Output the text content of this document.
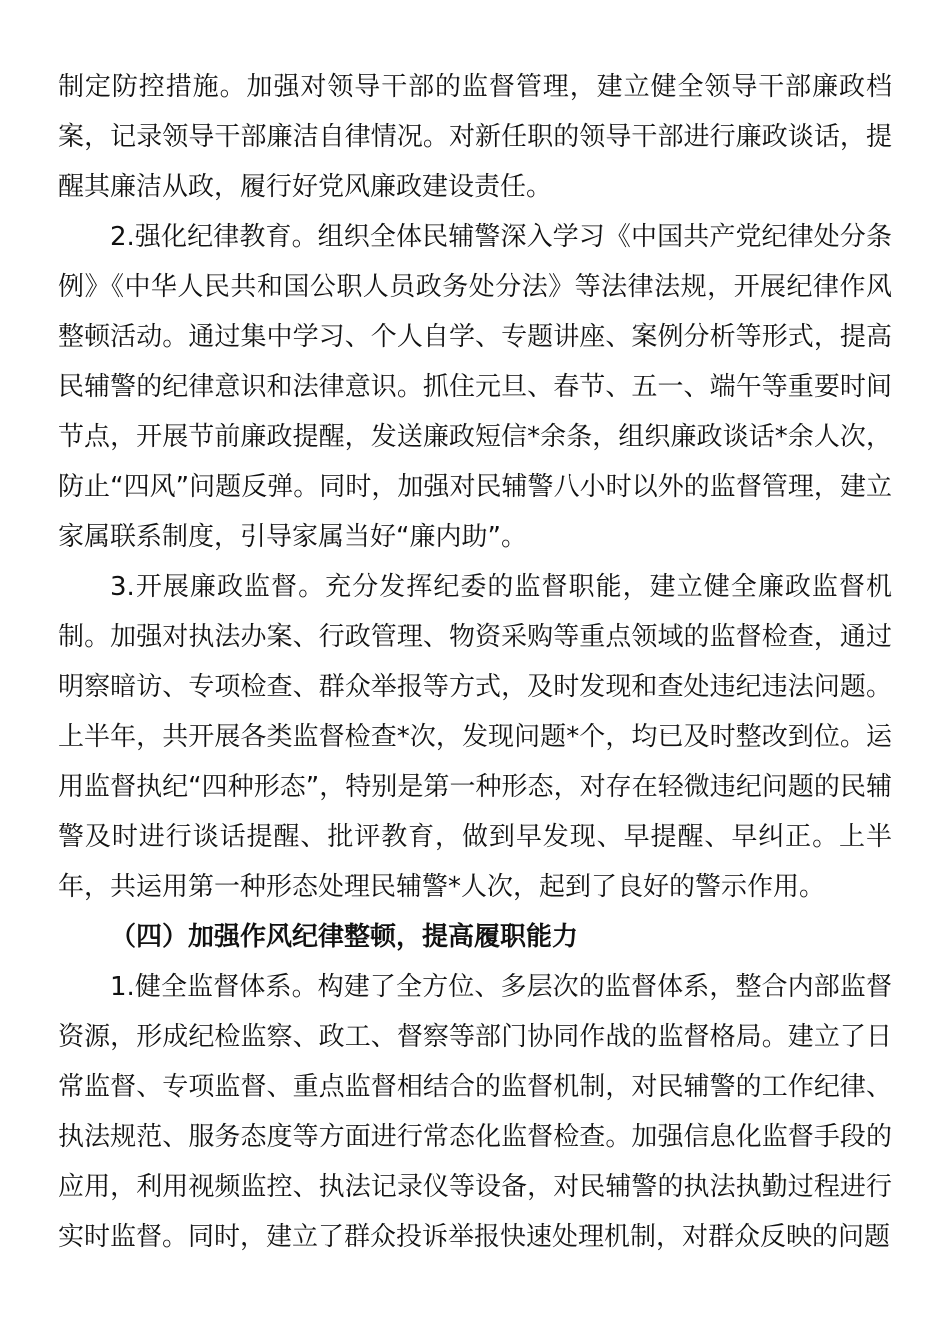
制定防控措施。加强对领导干部的监督管理，建立健全领导干部廉政档案，记录领导干部廉洁自律情况。对新任职的领导干部进行廉政谈话，提醒其廉洁从政，履行好党风廉政建设责任。

2.强化纪律教育。组织全体民辅警深入学习《中国共产党纪律处分条例》《中华人民共和国公职人员政务处分法》等法律法规，开展纪律作风整顿活动。通过集中学习、个人自学、专题讲座、案例分析等形式，提高民辅警的纪律意识和法律意识。抓住元旦、春节、五一、端午等重要时间节点，开展节前廉政提醒，发送廉政短信*余条，组织廉政谈话*余人次，防止“四风”问题反弹。同时，加强对民辅警八小时以外的监督管理，建立家属联系制度，引导家属当好“廉内助”。

3.开展廉政监督。充分发挥纪委的监督职能，建立健全廉政监督机制。加强对执法办案、行政管理、物资采购等重点领域的监督检查，通过明察暗访、专项检查、群众举报等方式，及时发现和查处违纪违法问题。上半年，共开展各类监督检查*次，发现问题*个，均已及时整改到位。运用监督执纪“四种形态”，特别是第一种形态，对存在轻微违纪问题的民辅警及时进行谈话提醒、批评教育，做到早发现、早提醒、早纠正。上半年，共运用第一种形态处理民辅警*人次，起到了良好的警示作用。

（四）加强作风纪律整顿，提高履职能力

1.健全监督体系。构建了全方位、多层次的监督体系，整合内部监督资源，形成纪检监察、政工、督察等部门协同作战的监督格局。建立了日常监督、专项监督、重点监督相结合的监督机制，对民辅警的工作纪律、执法规范、服务态度等方面进行常态化监督检查。加强信息化监督手段的应用，利用视频监控、执法记录仪等设备，对民辅警的执法执勤过程进行实时监督。同时，建立了群众投诉举报快速处理机制，对群众反映的问题
